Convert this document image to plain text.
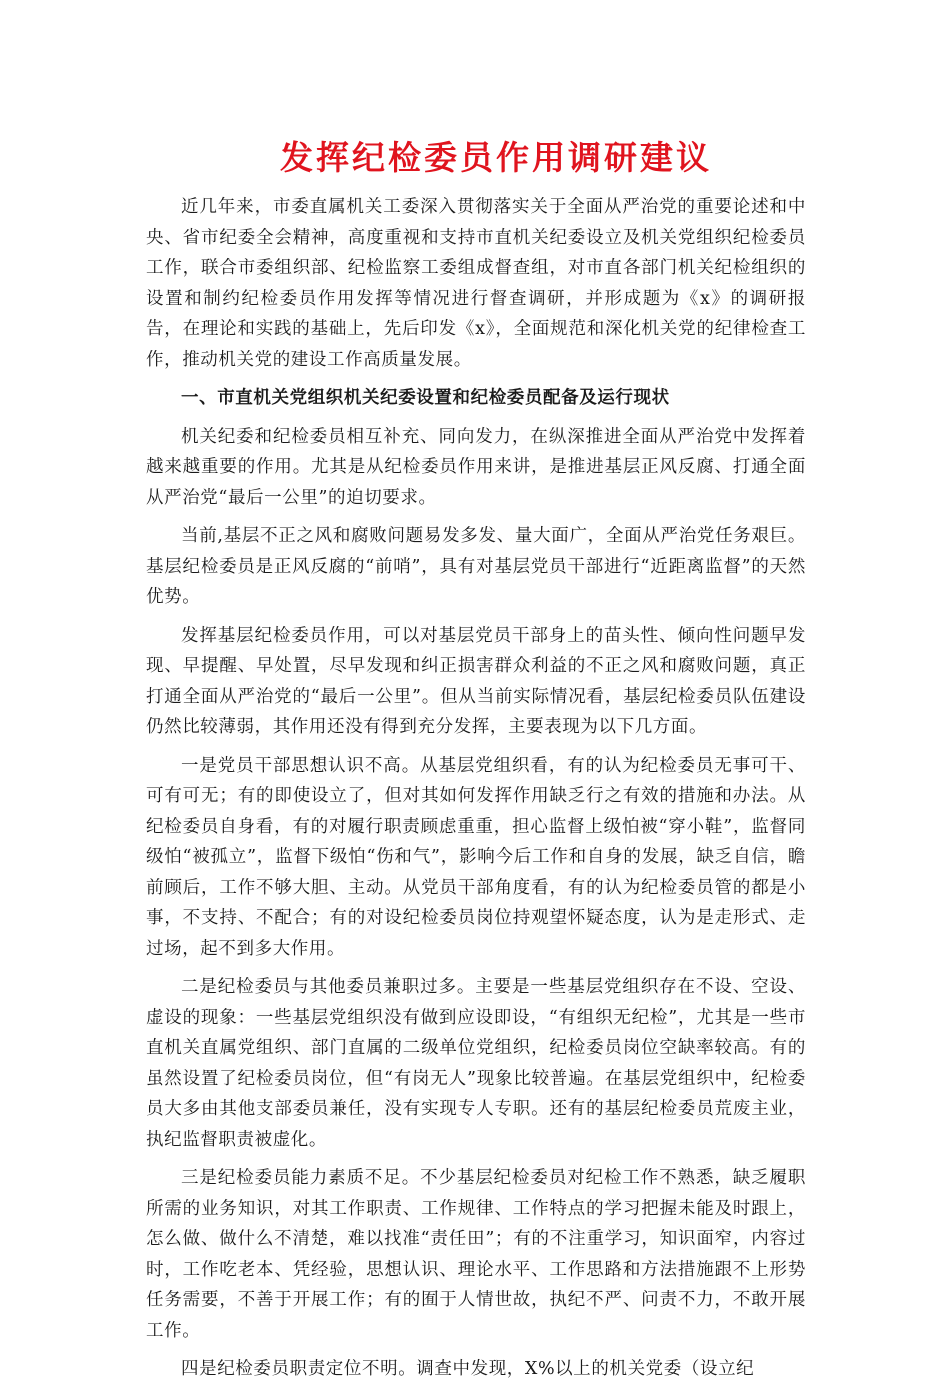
发挥纪检委员作用调研建议

近几年来，市委直属机关工委深入贯彻落实关于全面从严治党的重要论述和中央、省市纪委全会精神，高度重视和支持市直机关纪委设立及机关党组织纪检委员工作，联合市委组织部、纪检监察工委组成督查组，对市直各部门机关纪检组织的设置和制约纪检委员作用发挥等情况进行督查调研，并形成题为《x》的调研报告，在理论和实践的基础上，先后印发《x》，全面规范和深化机关党的纪律检查工作，推动机关党的建设工作高质量发展。

一、市直机关党组织机关纪委设置和纪检委员配备及运行现状

机关纪委和纪检委员相互补充、同向发力，在纵深推进全面从严治党中发挥着越来越重要的作用。尤其是从纪检委员作用来讲，是推进基层正风反腐、打通全面从严治党“最后一公里”的迫切要求。

当前,基层不正之风和腐败问题易发多发、量大面广，全面从严治党任务艰巨。基层纪检委员是正风反腐的“前哨”，具有对基层党员干部进行“近距离监督”的天然优势。

发挥基层纪检委员作用，可以对基层党员干部身上的苗头性、倾向性问题早发现、早提醒、早处置，尽早发现和纠正损害群众利益的不正之风和腐败问题，真正打通全面从严治党的“最后一公里”。但从当前实际情况看，基层纪检委员队伍建设仍然比较薄弱，其作用还没有得到充分发挥，主要表现为以下几方面。

一是党员干部思想认识不高。从基层党组织看，有的认为纪检委员无事可干、可有可无；有的即使设立了，但对其如何发挥作用缺乏行之有效的措施和办法。从纪检委员自身看，有的对履行职责顾虑重重，担心监督上级怕被“穿小鞋”，监督同级怕“被孤立”，监督下级怕“伤和气”，影响今后工作和自身的发展，缺乏自信，瞻前顾后，工作不够大胆、主动。从党员干部角度看，有的认为纪检委员管的都是小事，不支持、不配合；有的对设纪检委员岗位持观望怀疑态度，认为是走形式、走过场，起不到多大作用。

二是纪检委员与其他委员兼职过多。主要是一些基层党组织存在不设、空设、虚设的现象：一些基层党组织没有做到应设即设，“有组织无纪检”，尤其是一些市直机关直属党组织、部门直属的二级单位党组织，纪检委员岗位空缺率较高。有的虽然设置了纪检委员岗位，但“有岗无人”现象比较普遍。在基层党组织中，纪检委员大多由其他支部委员兼任，没有实现专人专职。还有的基层纪检委员荒废主业，执纪监督职责被虚化。

三是纪检委员能力素质不足。不少基层纪检委员对纪检工作不熟悉，缺乏履职所需的业务知识，对其工作职责、工作规律、工作特点的学习把握未能及时跟上，怎么做、做什么不清楚，难以找准“责任田”；有的不注重学习，知识面窄，内容过时，工作吃老本、凭经验，思想认识、理论水平、工作思路和方法措施跟不上形势任务需要，不善于开展工作；有的囿于人情世故，执纪不严、问责不力，不敢开展工作。

四是纪检委员职责定位不明。调查中发现，X%以上的机关党委（设立纪
